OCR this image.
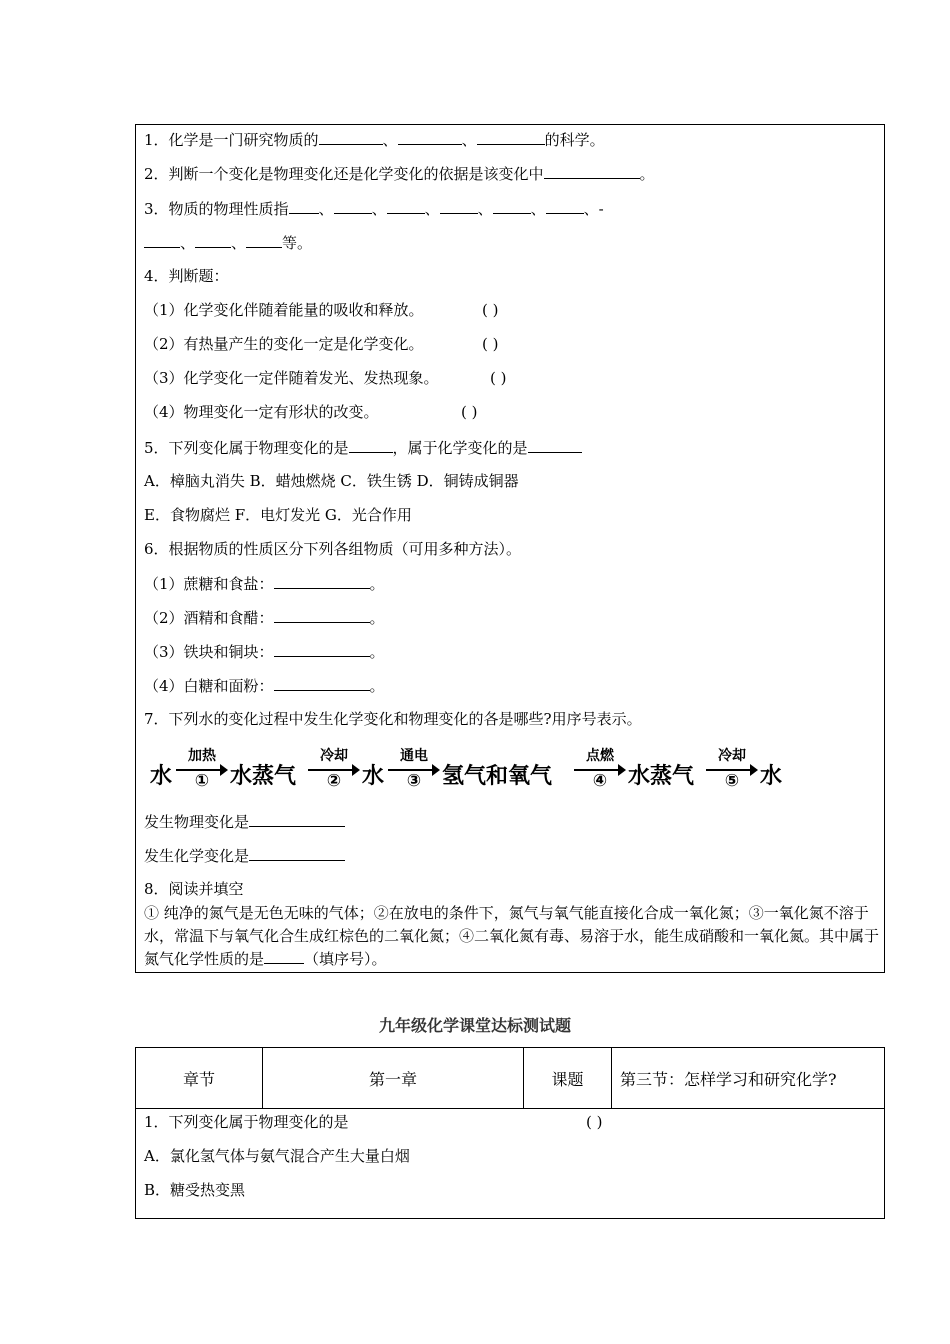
1．化学是一门研究物质的	、	、	的科学。
2．判断一个变化是物理变化还是化学变化的依据是该变化中	。
3．物质的物理性质指 、	、	、	、	、	、-
、 、 等。
4．判断题：
（1）化学变化伴随着能量的吸收和释放。	( )
（2）有热量产生的变化一定是化学变化。	( )
（3）化学变化一定伴随着发光、发热现象。	( )
（4）物理变化一定有形状的改变。	( )
5．下列变化属于物理变化的是	，属于化学变化的是
A．樟脑丸消失 B．蜡烛燃烧 C．铁生锈 D．铜铸成铜器
E．食物腐烂 F．电灯发光 G．光合作用
6．根据物质的性质区分下列各组物质（可用多种方法）。
（1）蔗糖和食盐：	。
（2）酒精和食醋：	。
（3）铁块和铜块：	。
（4）白糖和面粉：	。
7．下列水的变化过程中发生化学变化和物理变化的各是哪些?用序号表示。
水
加热
① 水蒸气
冷却
② 水
通电
③ 氢气和氧气
点燃
④ 水蒸气
冷却
⑤ 水
发生物理变化是
发生化学变化是
8．阅读并填空
① 纯净的氮气是无色无味的气体；②在放电的条件下，氮气与氧气能直接化合成一氧化氮；③一氧化氮不溶于水，常温下与氧气化合生成红棕色的二氧化氮；④二氧化氮有毒、易溶于水，能生成硝酸和一氧化氮。其中属于氮气化学性质的是	（填序号）。
九年级化学课堂达标测试题
章节	第一章	课题	第三节：怎样学习和研究化学?
1．下列变化属于物理变化的是	( )
A．氯化氢气体与氨气混合产生大量白烟
B．糖受热变黑
